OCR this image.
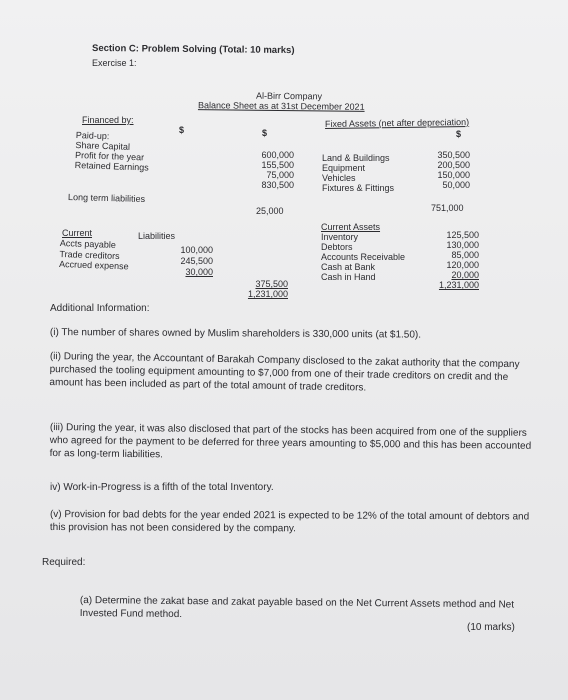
Section C: Problem Solving (Total: 10 marks)
Exercise 1:
Al-Birr Company
Balance Sheet as at 31st December 2021
Financed by:
$	$
Paid-up:
Share Capital
Profit for the year
Retained Earnings
600,000
155,500
75,000
830,500
Long term liabilities
25,000
Current	Liabilities
Accts payable
Trade creditors
Accrued expense
100,000
245,500
30,000
375,500
1,231,000
Fixed Assets (net after depreciation)
$
Land & Buildings
Equipment
Vehicles
Fixtures & Fittings
350,500
200,500
150,000
50,000
751,000
Current Assets
Inventory
Debtors
Accounts Receivable
Cash at Bank
Cash in Hand
125,500
130,000
85,000
120,000
20,000
1,231,000
Additional Information:
(i) The number of shares owned by Muslim shareholders is 330,000 units (at $1.50).
(ii) During the year, the Accountant of Barakah Company disclosed to the zakat authority that the company purchased the tooling equipment amounting to $7,000 from one of their trade creditors on credit and the amount has been included as part of the total amount of trade creditors.
(iii) During the year, it was also disclosed that part of the stocks has been acquired from one of the suppliers who agreed for the payment to be deferred for three years amounting to $5,000 and this has been accounted for as long-term liabilities.
iv) Work-in-Progress is a fifth of the total Inventory.
(v) Provision for bad debts for the year ended 2021 is expected to be 12% of the total amount of debtors and this provision has not been considered by the company.
Required:
(a) Determine the zakat base and zakat payable based on the Net Current Assets method and Net Invested Fund method.
(10 marks)
